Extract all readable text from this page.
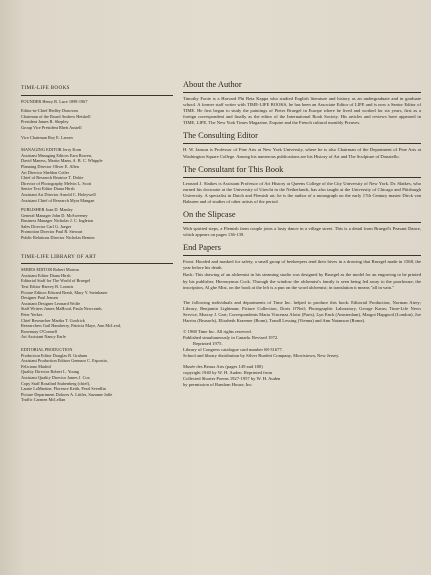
TIME-LIFE BOOKS
FOUNDER Henry R. Luce 1898-1967
Editor-in-Chief Hedley Donovan
Chairman of the Board Andrew Heiskell
President James R. Shepley
Group Vice President Rhett Austell
Vice Chairman Roy E. Larsen
MANAGING EDITOR Jerry Korn
Assistant Managing Editors Ezra Bowen,
David Maness, Martin Mann, A. B. C. Whipple
Planning Director Oliver E. Allen
Art Director Sheldon Cotler
Chief of Research Beatrice T. Dobie
Director of Photography Melvin L. Scott
Senior Text Editor Diana Hirsh
Assistant Art Director Arnold C. Holeywell
Assistant Chief of Research Myra Mangan
PUBLISHER Joan D. Manley
General Manager John D. McSweeney
Business Manager Nicholas J. C. Ingleton
Sales Director Carl G. Jaeger
Promotion Director Paul R. Stewart
Public Relations Director Nicholas Benton
TIME-LIFE LIBRARY OF ART
SERIES EDITOR Robert Morton
Assistant Editor Diana Hirsh
Editorial Staff for The World of Bruegel
Text Editor Harvey B. Loomis
Picture Editors Edward Brash, Mary Y. Steinbauer
Designer Paul Jensen
Assistant Designer Leonard Wolfe
Staff Writers James MaHood, Paula Newcomb,
Peter Yerkes
Chief Researcher Martha T. Goolrick
Researchers Gail Hansberry, Patricia Maye, Ann McLeod,
Rosemary O'Connell
Art Assistant Nancy Earle
EDITORIAL PRODUCTION
Production Editor Douglas B. Graham
Assistant Production Editors Gennaro C. Esposito,
Feliciano Madrid
Quality Director Robert L. Young
Assistant Quality Director James J. Cox
Copy Staff Rosalind Stubenberg (chief),
Laurie LaMartine, Florence Keith, Pearl Sverdlin
Picture Department Dolores A. Littles, Suzanne Jaffe
Traffic Carmen McLellan
About the Author
Timothy Foote is a Harvard Phi Beta Kappa who studied English literature and history as an undergraduate and in graduate school. A former staff writer with TIME-LIFE BOOKS, he has been an Associate Editor of LIFE and is now a Senior Editor of TIME. He first began to study the paintings of Pieter Bruegel in Europe where he lived and worked for six years, first as a foreign correspondent and finally as the editor of the International Book Society. His articles and reviews have appeared in TIME, LIFE, The New York Times Magazine, Esquire and the French cultural monthly Preuves.
The Consulting Editor
H. W. Janson is Professor of Fine Arts at New York University, where he is also Chairman of the Department of Fine Arts at Washington Square College. Among his numerous publications are his History of Art and The Sculpture of Donatello.
The Consultant for This Book
Leonard J. Slatkes is Assistant Professor of Art History at Queens College of the City University of New York. Dr. Slatkes, who earned his doctorate at the University of Utrecht in the Netherlands, has also taught at the University of Chicago and Pittsburgh University. A specialist in Dutch and Flemish art, he is the author of a monograph on the early 17th Century master Dirck van Baburen and of studies of other artists of the period.
On the Slipcase
With spirited steps, a Flemish farm couple joins a lusty dance in a village street. This is a detail from Bruegel's Peasant Dance, which appears on pages 136-139.
End Papers
Front: Hooded and masked for safety, a small group of beekeepers tend their hives in a drawing that Bruegel made in 1568, the year before his death.
Back: This drawing of an alchemist in his steaming studio was designed by Bruegel as the model for an engraving to be printed by his publisher, Hieronymus Cock. Through the window the alchemist's family is seen being led away to the poorhouse; the inscription, Al ghe Mist, on the book at the left is a pun on the word alchemist; in translation it means "all in vain."
The following individuals and departments of Time Inc. helped to produce this book: Editorial Production, Norman Airey; Library, Benjamin Lightman; Picture Collection, Doris O'Neil; Photographic Laboratory, George Karas; Time-Life News Service, Murray J. Gart; Correspondents Maria Vincenza Aloisi (Paris), Lyn Enck (Amsterdam), Margot Hapgood (London), Joe Harriss (Brussels), Elisabeth Kraemer (Bonn), Traudl Lessing (Vienna) and Ann Natanson (Rome).
© 1968 Time Inc. All rights reserved.
Published simultaneously in Canada. Revised 1972.
Reprinted 1975.
Library of Congress catalogue card number 68-31677.
School and library distribution by Silver Burdett Company, Morristown, New Jersey.
Musée des Beaux Arts (pages 149 and 180)
copyright 1940 by W. H. Auden. Reprinted from
Collected Shorter Poems 1927-1957 by W. H. Auden
by permission of Random House, Inc.
